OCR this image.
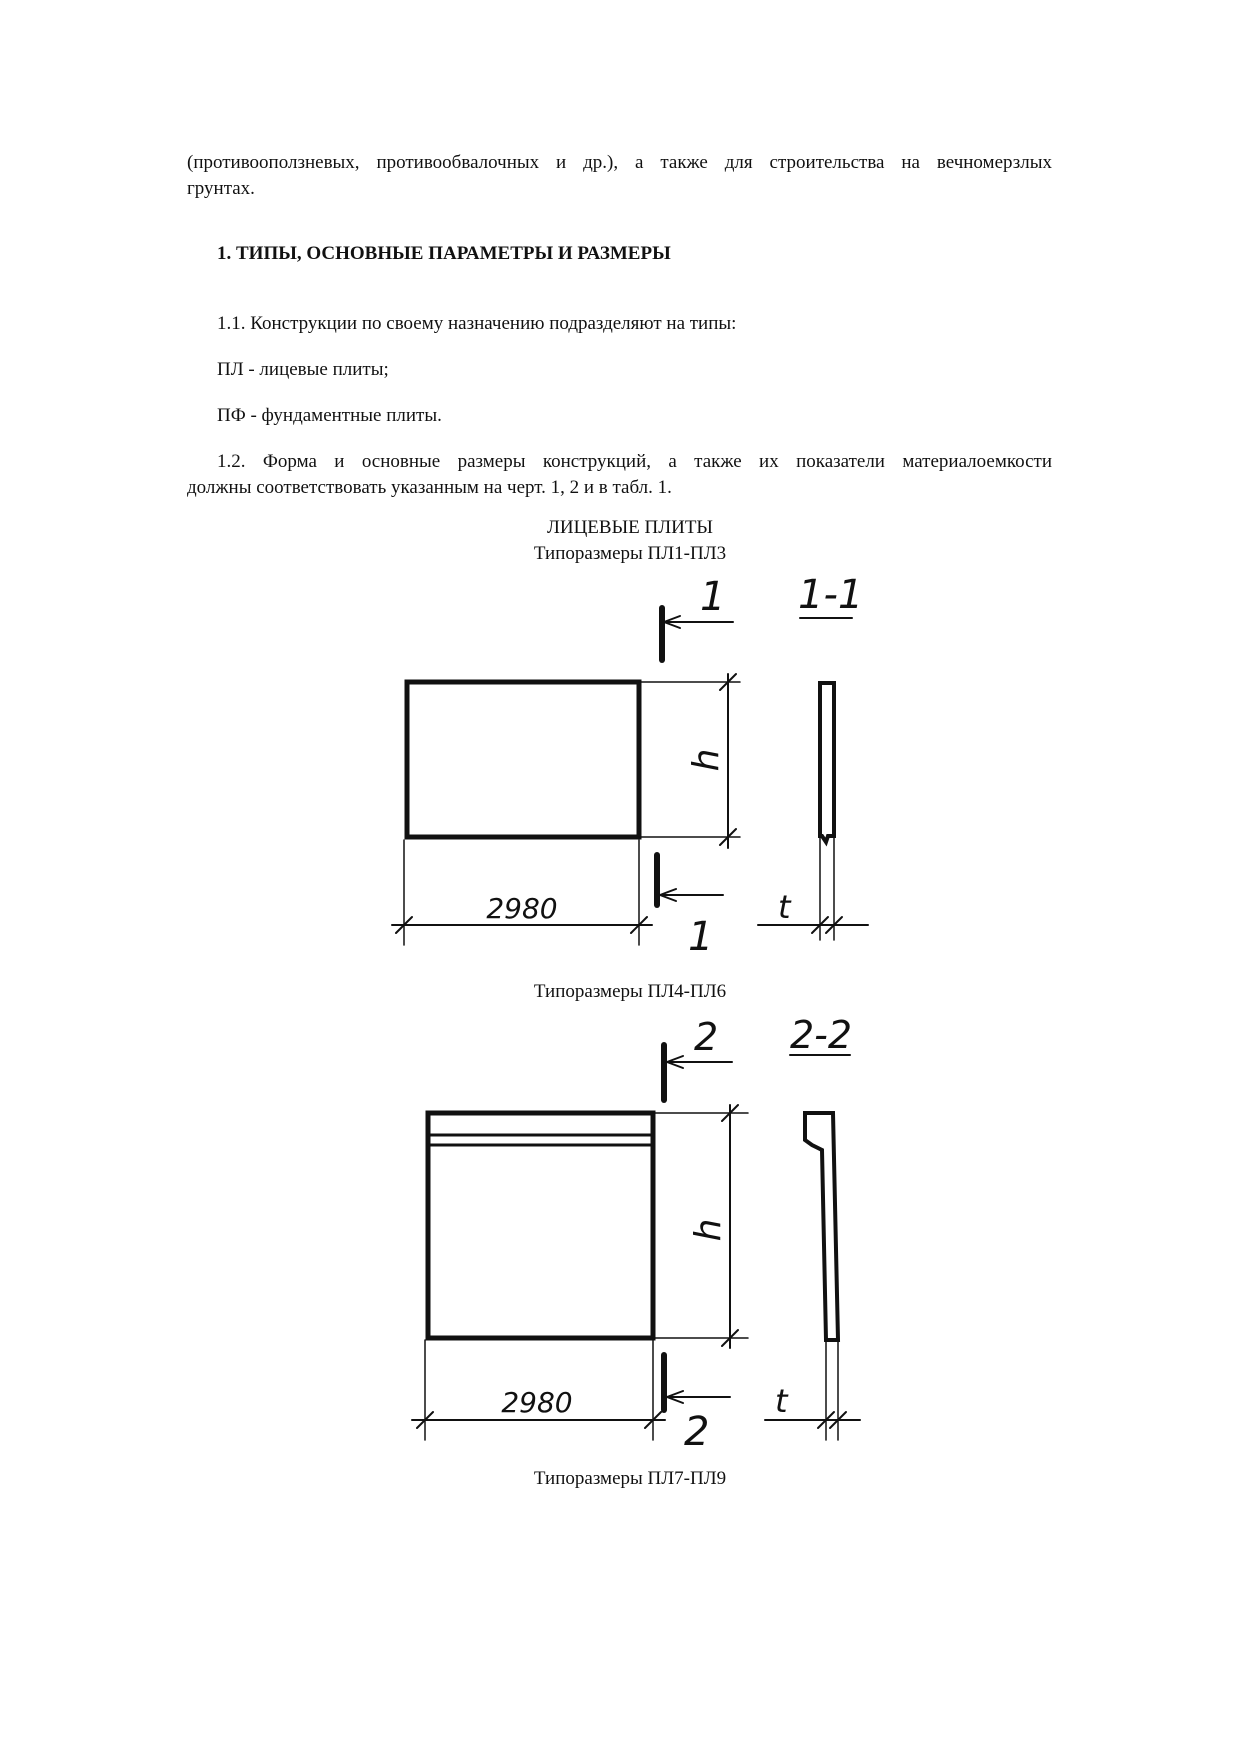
(противооползневых, противообвалочных и др.), а также для строительства на вечномерзлых
грунтах.

1. ТИПЫ, ОСНОВНЫЕ ПАРАМЕТРЫ И РАЗМЕРЫ

1.1. Конструкции по своему назначению подразделяют на типы:

ПЛ - лицевые плиты;

ПФ - фундаментные плиты.

1.2. Форма и основные размеры конструкций, а также их показатели материалоемкости
должны соответствовать указанным на черт. 1, 2 и в табл. 1.

ЛИЦЕВЫЕ ПЛИТЫ

Типоразмеры ПЛ1-ПЛ3

Типоразмеры ПЛ4-ПЛ6

Типоразмеры ПЛ7-ПЛ9

1 1-1
h
2980
1
t
2 2-2
h
2980
2
t
